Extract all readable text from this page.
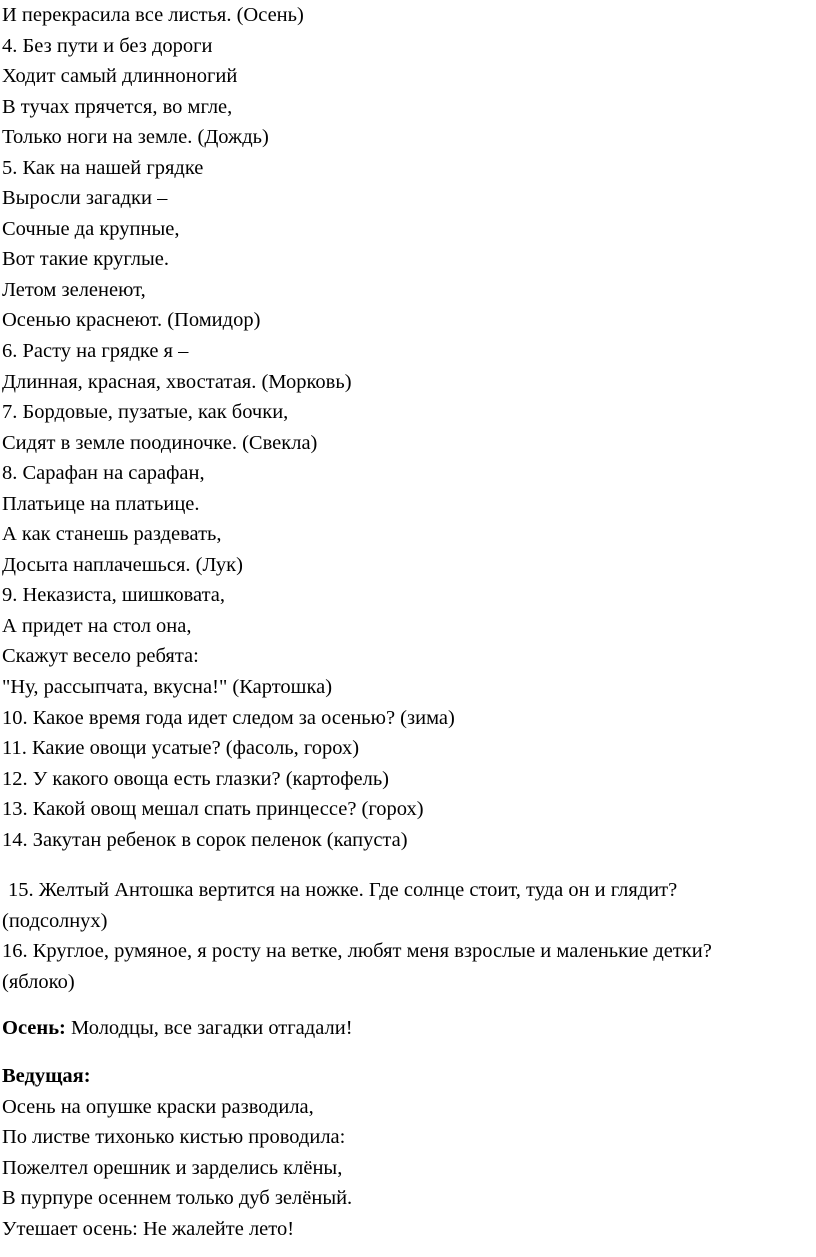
И перекрасила все листья. (Осень)
4. Без пути и без дороги
Ходит самый длинноногий
В тучах прячется, во мгле,
Только ноги на земле. (Дождь)
5. Как на нашей грядке
Выросли загадки –
Сочные да крупные,
Вот такие круглые.
Летом зеленеют,
Осенью краснеют. (Помидор)
6. Расту на грядке я –
Длинная, красная, хвостатая. (Морковь)
7. Бордовые, пузатые, как бочки,
Сидят в земле поодиночке. (Свекла)
8. Сарафан на сарафан,
Платьице на платьице.
А как станешь раздевать,
Досыта наплачешься. (Лук)
9. Неказиста, шишковата,
А придет на стол она,
Скажут весело ребята:
"Ну, рассыпчата, вкусна!" (Картошка)
10. Какое время года идет следом за осенью? (зима)
11. Какие овощи усатые? (фасоль, горох)
12. У какого овоща есть глазки? (картофель)
13. Какой овощ мешал спать принцессе? (горох)
14. Закутан ребенок в сорок пеленок (капуста)
15. Желтый Антошка вертится на ножке. Где солнце стоит, туда он и глядит?
(подсолнух)
16. Круглое, румяное, я росту на ветке, любят меня взрослые и маленькие детки?
(яблоко)
Осень: Молодцы, все загадки отгадали!
Ведущая:
Осень на опушке краски разводила,
По листве тихонько кистью проводила:
Пожелтел орешник и зарделись клёны,
В пурпуре осеннем только дуб зелёный.
Утешает осень: Не жалейте лето!
